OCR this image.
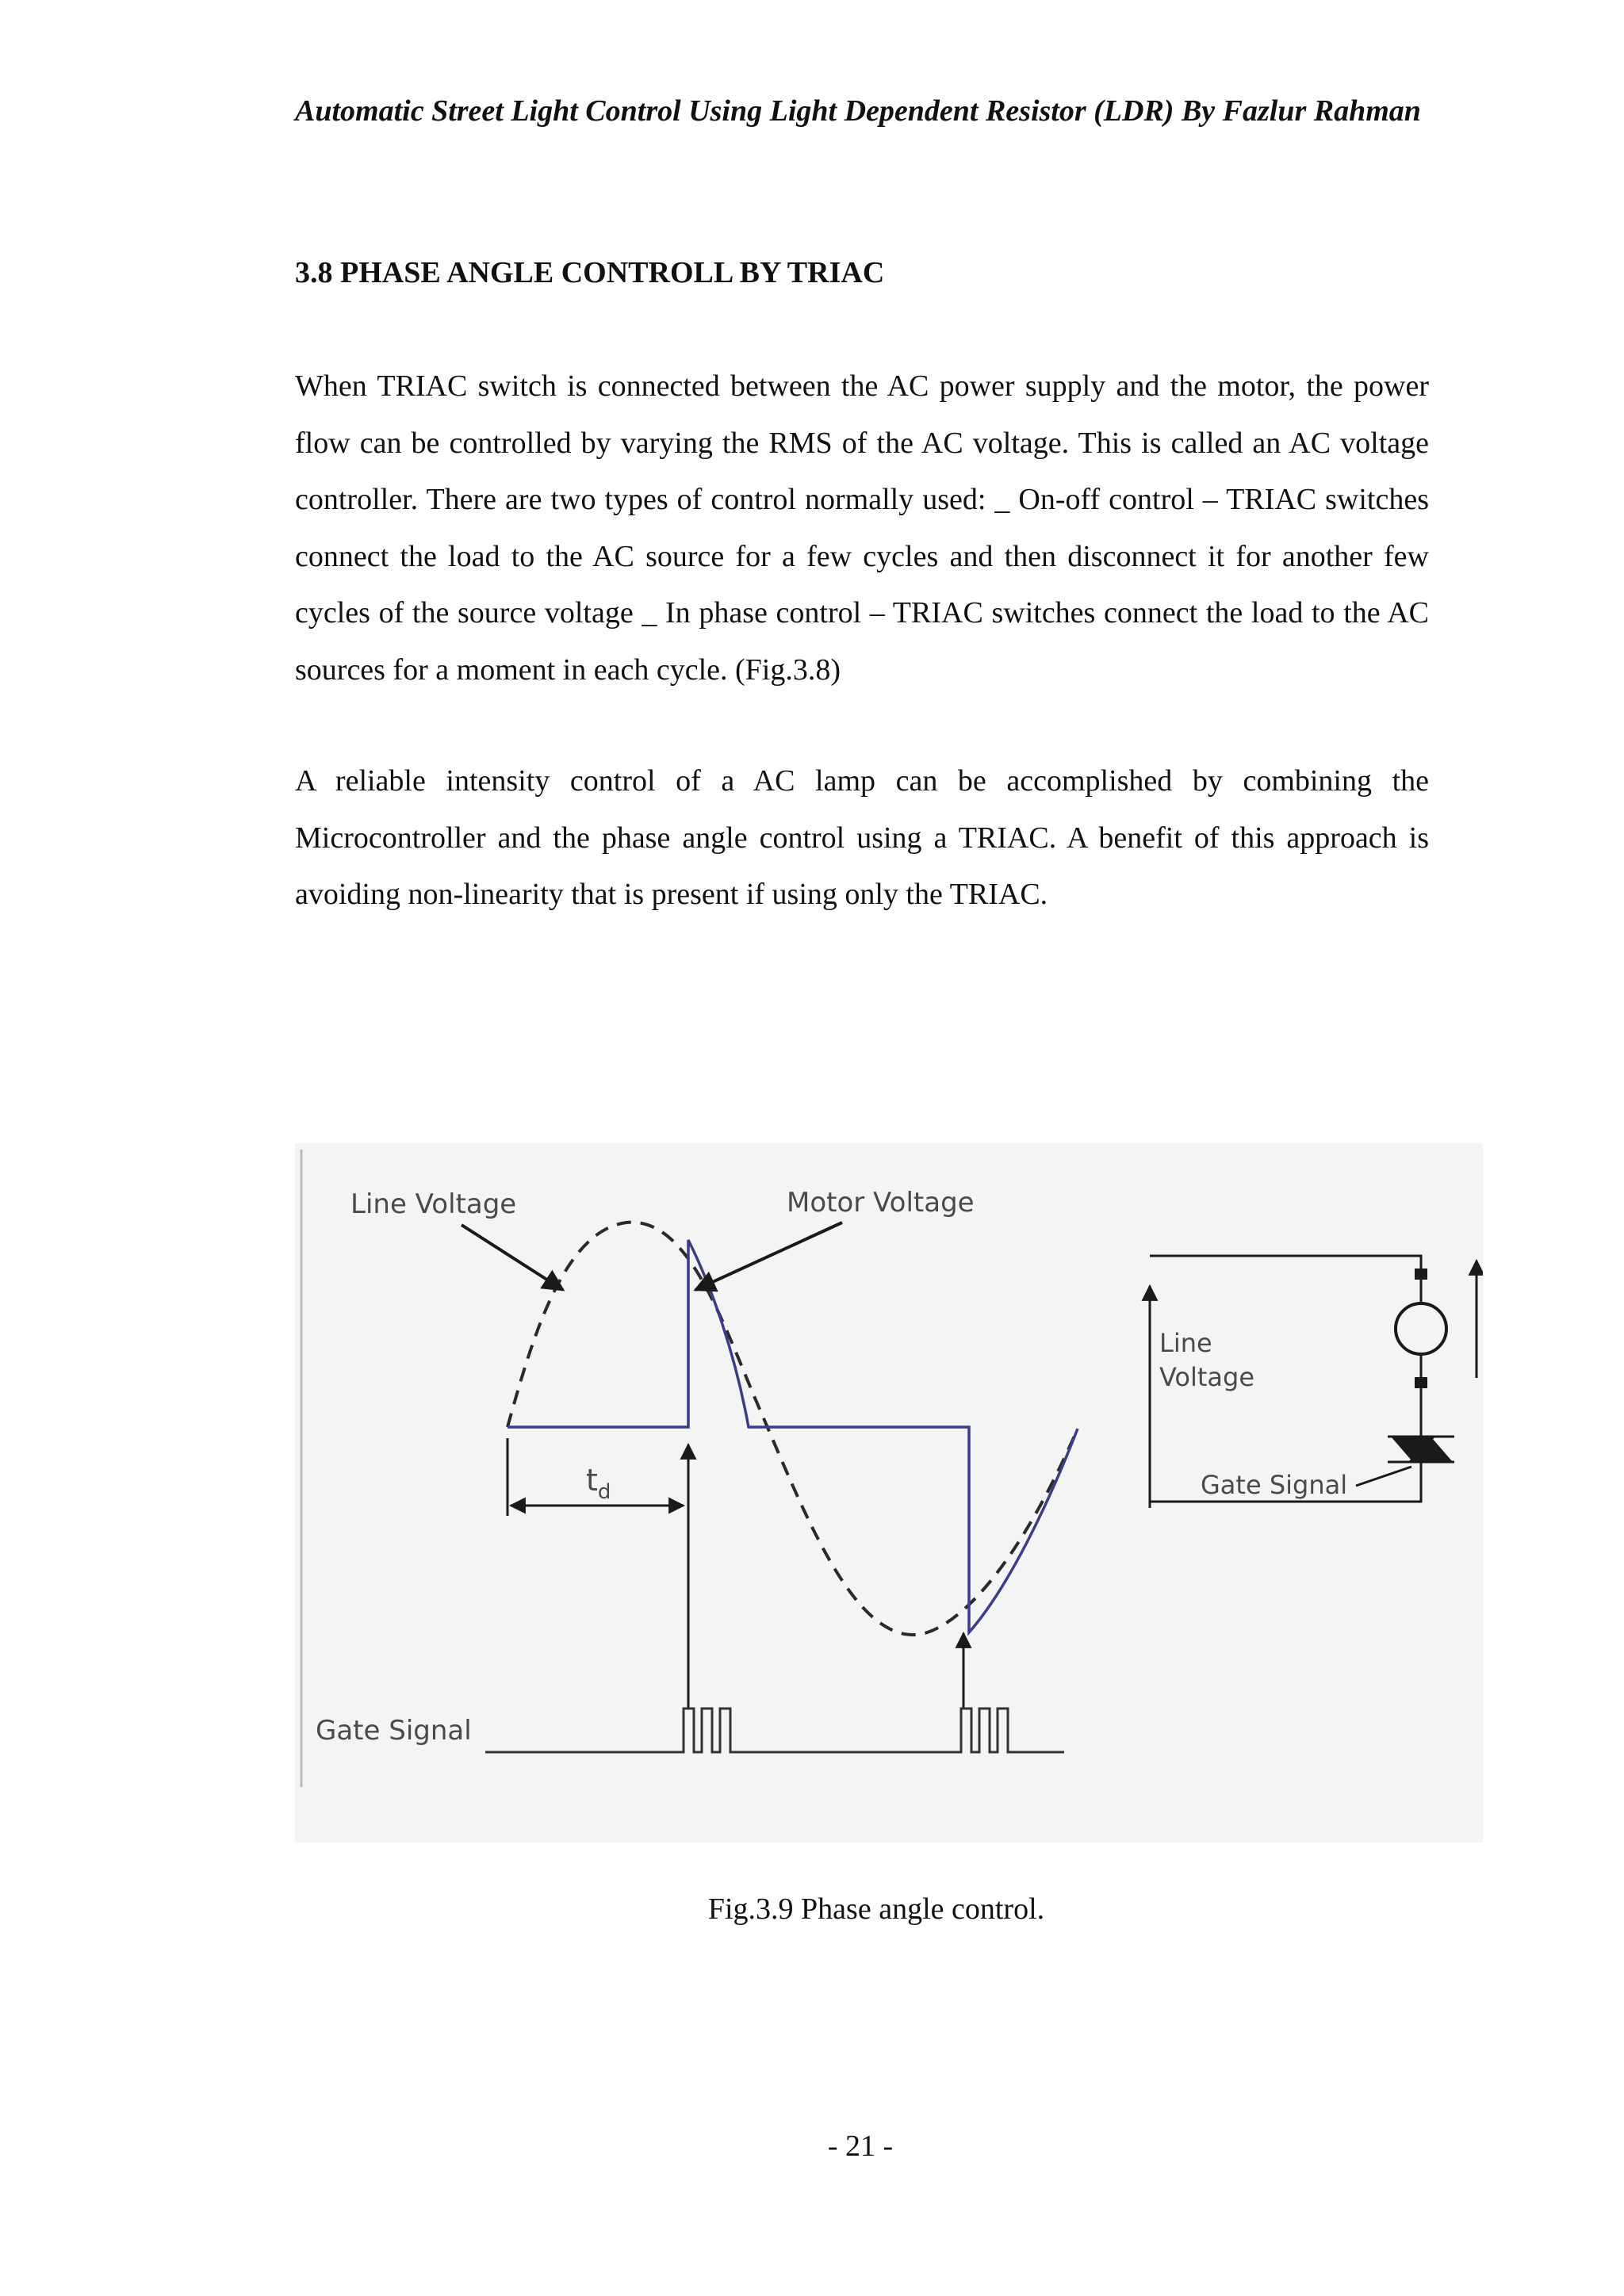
Automatic Street Light Control Using Light Dependent Resistor (LDR) By Fazlur Rahman
3.8 PHASE ANGLE CONTROLL BY TRIAC

When TRIAC switch is connected between the AC power supply and the motor, the power flow can be controlled by varying the RMS of the AC voltage. This is called an AC voltage controller. There are two types of control normally used: _ On-off control – TRIAC switches connect the load to the AC source for a few cycles and then disconnect it for another few cycles of the source voltage _ In phase control – TRIAC switches connect the load to the AC sources for a moment in each cycle. (Fig.3.8)

A reliable intensity control of a AC lamp can be accomplished by combining the Microcontroller and the phase angle control using a TRIAC. A benefit of this approach is avoiding non-linearity that is present if using only the TRIAC.

Line Voltage	Motor Voltage
$t_d$
Gate Signal
Line
Voltage
Gate Signal
Fig.3.9 Phase angle control.
- 21 -
